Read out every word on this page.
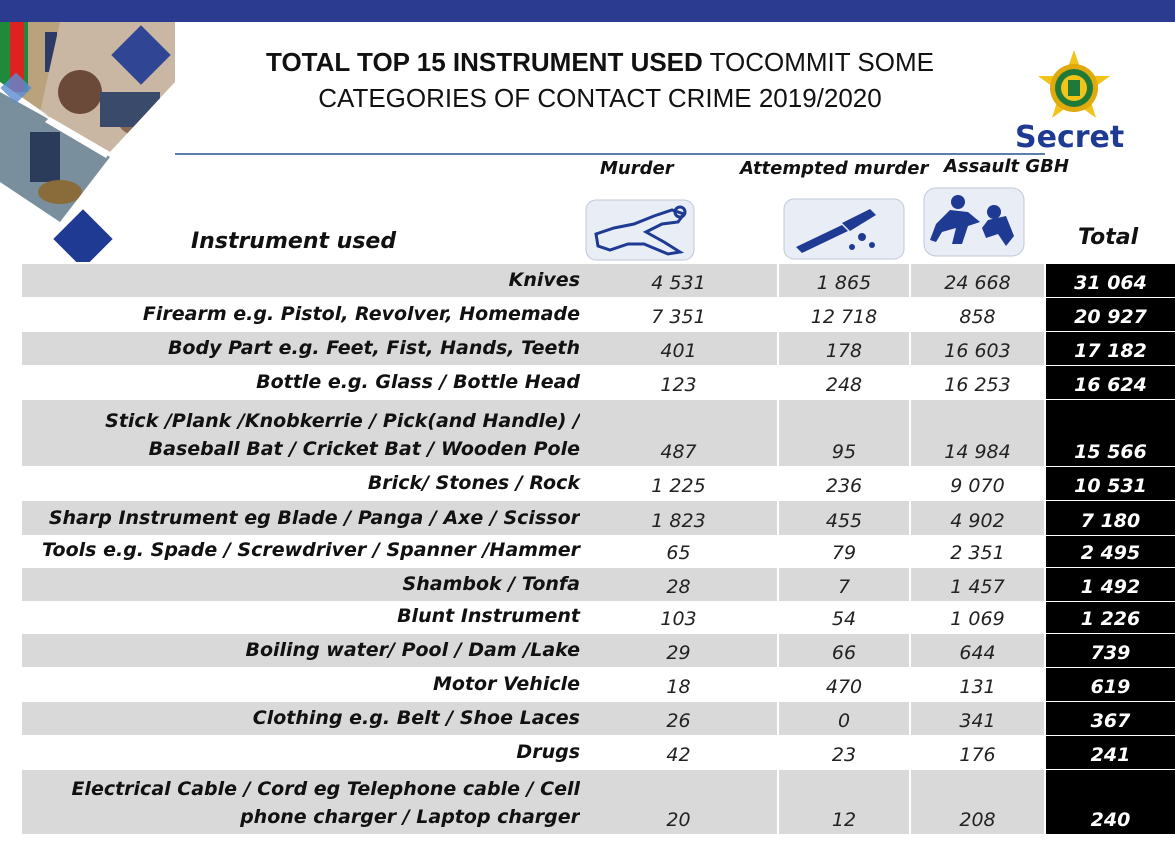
TOTAL TOP 15 INSTRUMENT USED TOCOMMIT SOME
CATEGORIES OF CONTACT CRIME 2019/2020
Secret
Murder	Attempted murder Assault GBH
Instrument used	Total
Knives	4 531	1 865	24 668	31 064
Firearm e.g. Pistol, Revolver, Homemade	7 351	12 718	858	20 927
Body Part e.g. Feet, Fist, Hands, Teeth	401	178	16 603	17 182
Bottle e.g. Glass / Bottle Head	123	248	16 253	16 624
Stick /Plank /Knobkerrie / Pick(and Handle) /
Baseball Bat / Cricket Bat / Wooden Pole	487	95	14 984	15 566
Brick/ Stones / Rock	1 225	236	9 070	10 531
Sharp Instrument eg Blade / Panga / Axe / Scissor	1 823	455	4 902	7 180
Tools e.g. Spade / Screwdriver / Spanner /Hammer	65	79	2 351	2 495
Shambok / Tonfa	28	7	1 457	1 492
Blunt Instrument	103	54	1 069	1 226
Boiling water/ Pool / Dam /Lake	29	66	644	739
Motor Vehicle	18	470	131	619
Clothing e.g. Belt / Shoe Laces	26	0	341	367
Drugs	42	23	176	241
Electrical Cable / Cord eg Telephone cable / Cell
phone charger / Laptop charger	20	12	208	240
